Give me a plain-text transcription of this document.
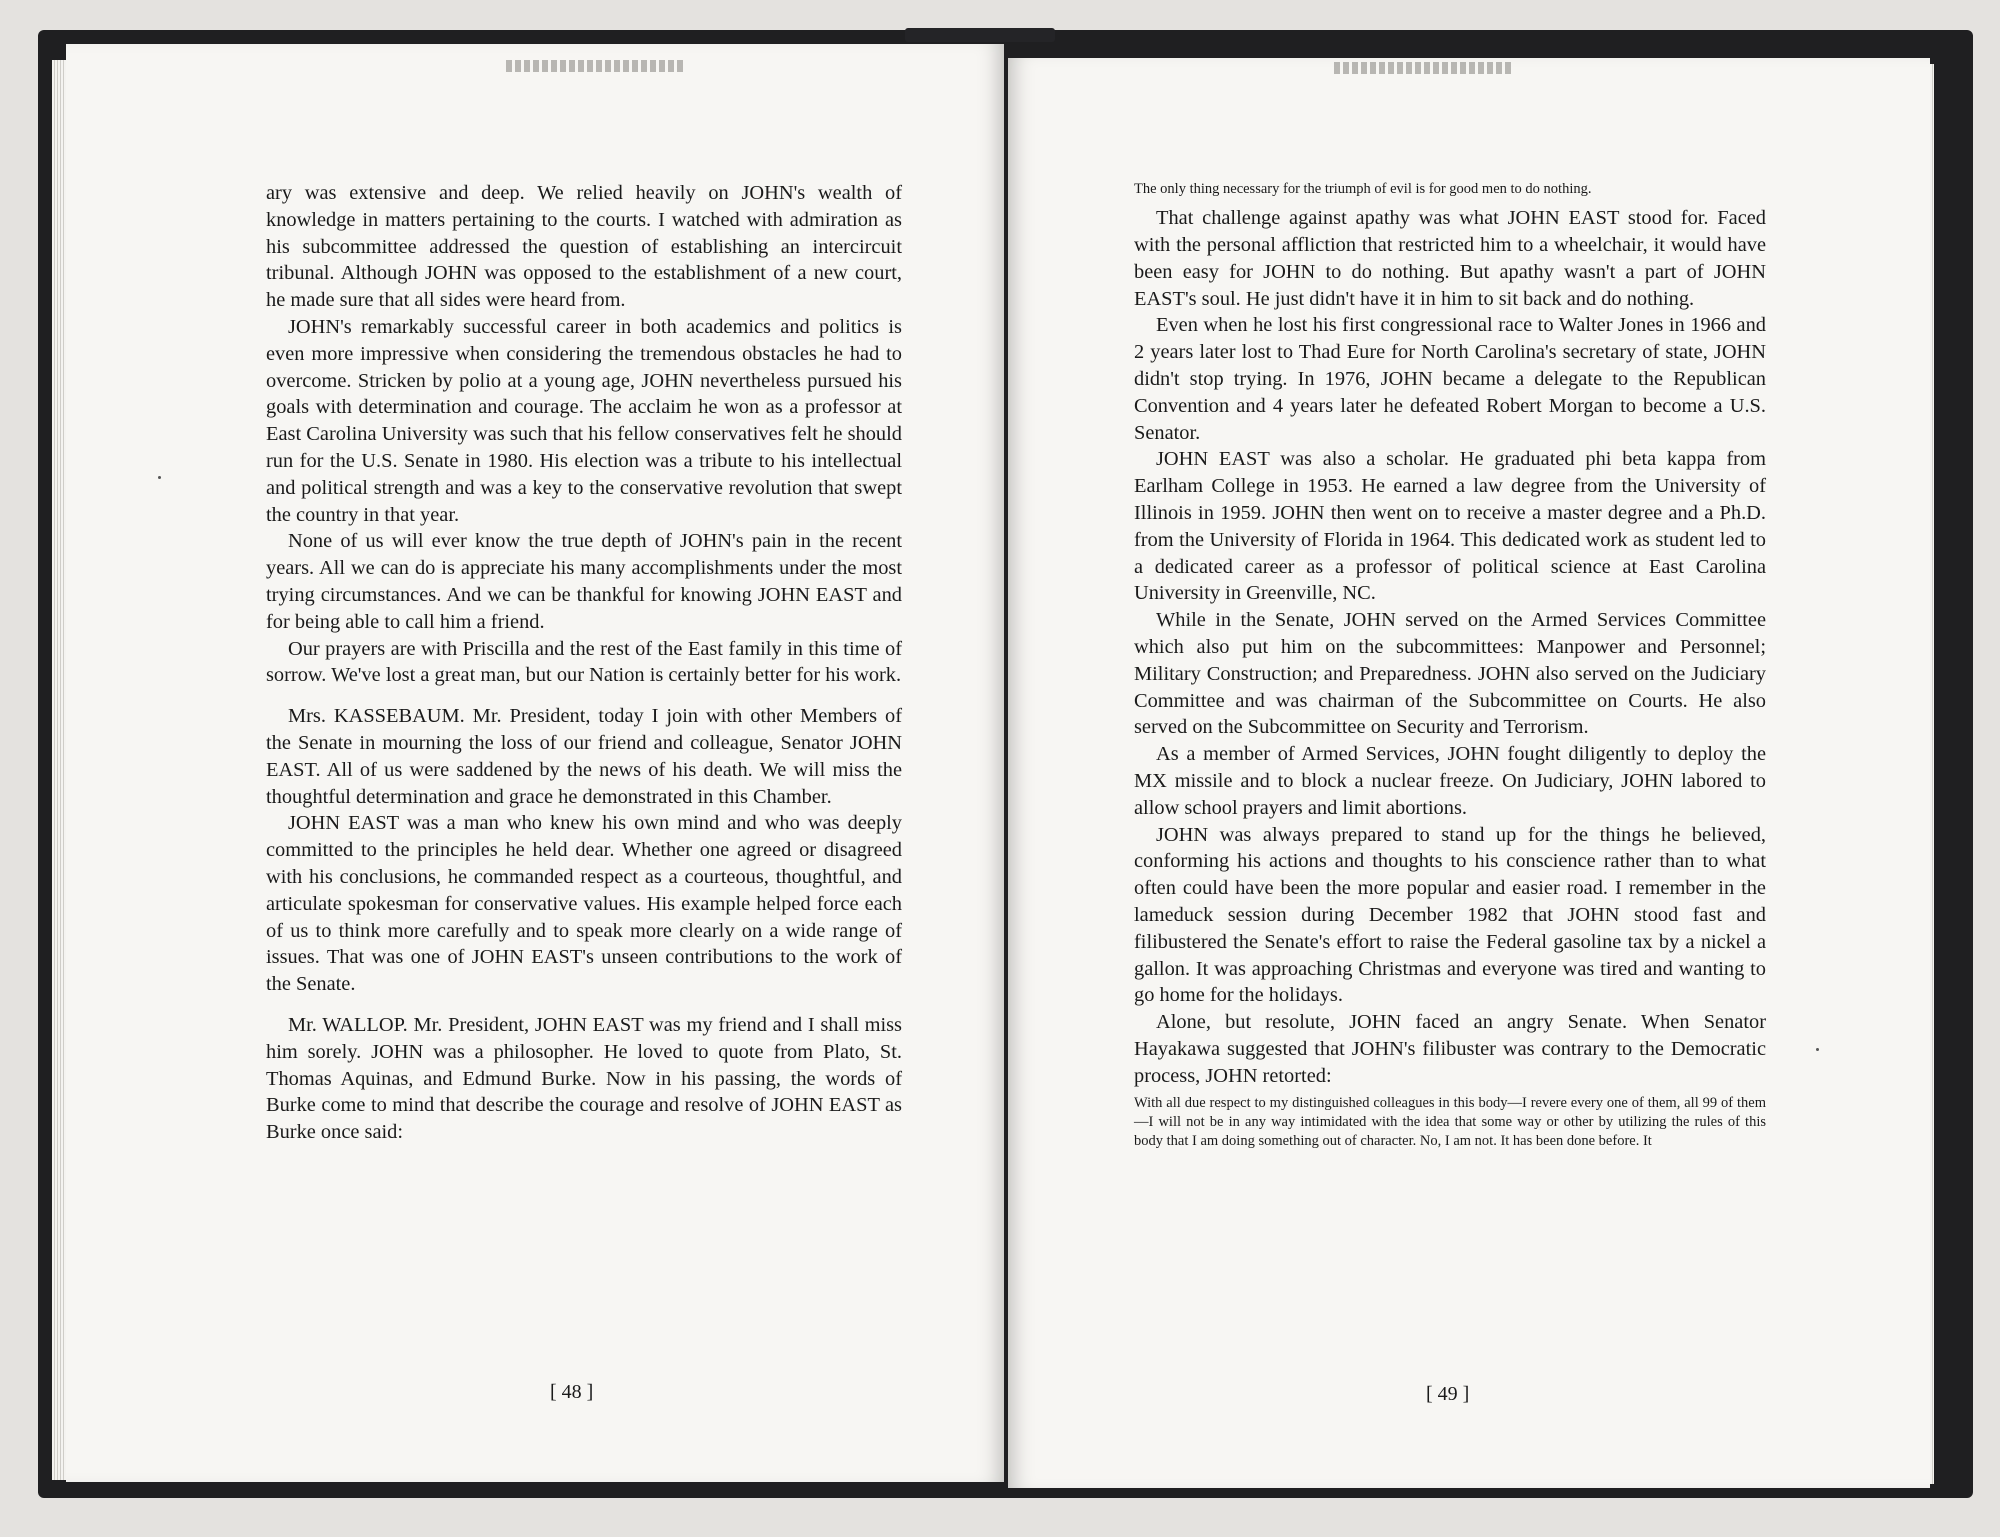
ary was extensive and deep. We relied heavily on JOHN's wealth of knowledge in matters pertaining to the courts. I watched with admiration as his subcommittee addressed the question of establishing an intercircuit tribunal. Although JOHN was opposed to the establishment of a new court, he made sure that all sides were heard from.

JOHN's remarkably successful career in both academics and politics is even more impressive when considering the tremendous obstacles he had to overcome. Stricken by polio at a young age, JOHN nevertheless pursued his goals with determination and courage. The acclaim he won as a professor at East Carolina University was such that his fellow conservatives felt he should run for the U.S. Senate in 1980. His election was a tribute to his intellectual and political strength and was a key to the conservative revolution that swept the country in that year.

None of us will ever know the true depth of JOHN's pain in the recent years. All we can do is appreciate his many accomplishments under the most trying circumstances. And we can be thankful for knowing JOHN EAST and for being able to call him a friend.

Our prayers are with Priscilla and the rest of the East family in this time of sorrow. We've lost a great man, but our Nation is certainly better for his work.

Mrs. KASSEBAUM. Mr. President, today I join with other Members of the Senate in mourning the loss of our friend and colleague, Senator JOHN EAST. All of us were saddened by the news of his death. We will miss the thoughtful determination and grace he demonstrated in this Chamber.

JOHN EAST was a man who knew his own mind and who was deeply committed to the principles he held dear. Whether one agreed or disagreed with his conclusions, he commanded respect as a courteous, thoughtful, and articulate spokesman for conservative values. His example helped force each of us to think more carefully and to speak more clearly on a wide range of issues. That was one of JOHN EAST's unseen contributions to the work of the Senate.

Mr. WALLOP. Mr. President, JOHN EAST was my friend and I shall miss him sorely. JOHN was a philosopher. He loved to quote from Plato, St. Thomas Aquinas, and Edmund Burke. Now in his passing, the words of Burke come to mind that describe the courage and resolve of JOHN EAST as Burke once said:

[ 48 ]

The only thing necessary for the triumph of evil is for good men to do nothing.

That challenge against apathy was what JOHN EAST stood for. Faced with the personal affliction that restricted him to a wheelchair, it would have been easy for JOHN to do nothing. But apathy wasn't a part of JOHN EAST's soul. He just didn't have it in him to sit back and do nothing.

Even when he lost his first congressional race to Walter Jones in 1966 and 2 years later lost to Thad Eure for North Carolina's secretary of state, JOHN didn't stop trying. In 1976, JOHN became a delegate to the Republican Convention and 4 years later he defeated Robert Morgan to become a U.S. Senator.

JOHN EAST was also a scholar. He graduated phi beta kappa from Earlham College in 1953. He earned a law degree from the University of Illinois in 1959. JOHN then went on to receive a master degree and a Ph.D. from the University of Florida in 1964. This dedicated work as student led to a dedicated career as a professor of political science at East Carolina University in Greenville, NC.

While in the Senate, JOHN served on the Armed Services Committee which also put him on the subcommittees: Manpower and Personnel; Military Construction; and Preparedness. JOHN also served on the Judiciary Committee and was chairman of the Subcommittee on Courts. He also served on the Subcommittee on Security and Terrorism.

As a member of Armed Services, JOHN fought diligently to deploy the MX missile and to block a nuclear freeze. On Judiciary, JOHN labored to allow school prayers and limit abortions.

JOHN was always prepared to stand up for the things he believed, conforming his actions and thoughts to his conscience rather than to what often could have been the more popular and easier road. I remember in the lameduck session during December 1982 that JOHN stood fast and filibustered the Senate's effort to raise the Federal gasoline tax by a nickel a gallon. It was approaching Christmas and everyone was tired and wanting to go home for the holidays.

Alone, but resolute, JOHN faced an angry Senate. When Senator Hayakawa suggested that JOHN's filibuster was contrary to the Democratic process, JOHN retorted:

With all due respect to my distinguished colleagues in this body—I revere every one of them, all 99 of them—I will not be in any way intimidated with the idea that some way or other by utilizing the rules of this body that I am doing something out of character. No, I am not. It has been done before. It

[ 49 ]
